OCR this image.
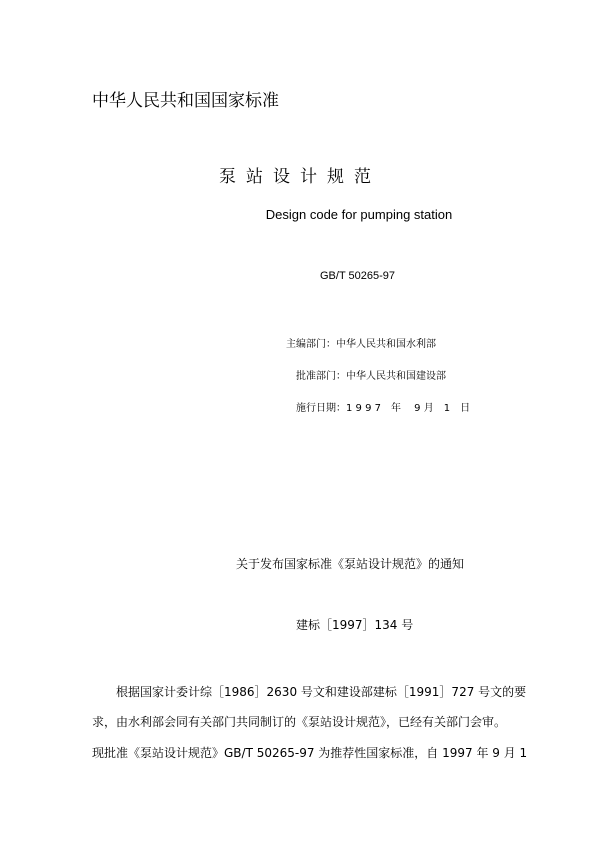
中华人民共和国国家标准
泵站设计规范
Design code for pumping station
GB/T 50265-97
主编部门：中华人民共和国水利部
批准部门：中华人民共和国建设部
施行日期：1 9 9 7　年　 9 月　1　日
关于发布国家标准《泵站设计规范》的通知
建标［1997］134 号
根据国家计委计综［1986］2630 号文和建设部建标［1991］727 号文的要
求，由水利部会同有关部门共同制订的《泵站设计规范》，已经有关部门会审。
现批准《泵站设计规范》GB/T 50265-97 为推荐性国家标准，自 1997 年 9 月 1
